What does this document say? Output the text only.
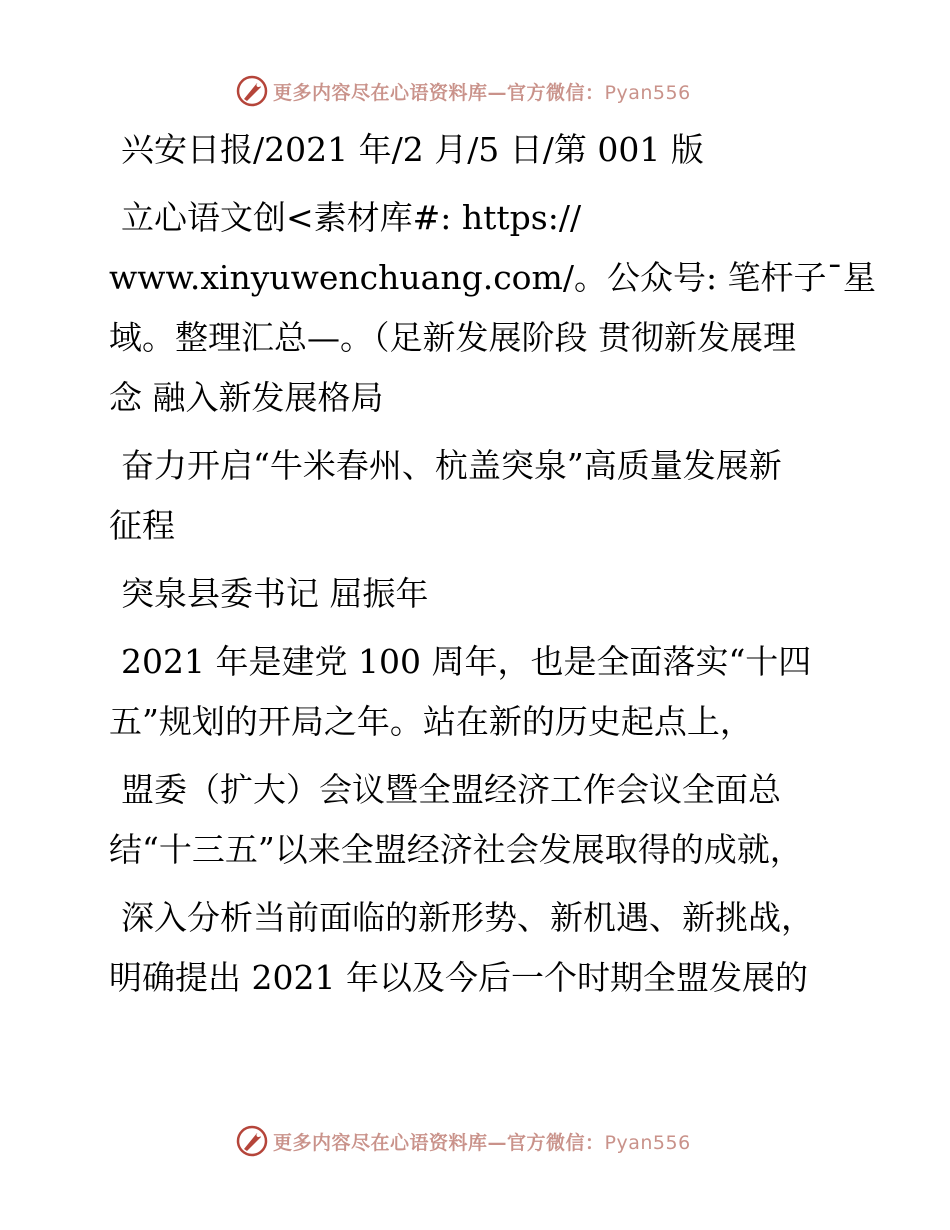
更多内容尽在心语资料库—官方微信：Pyan556

兴安日报/2021 年/2 月/5 日/第 001 版

立心语文创<素材库#: https://
www.xinyuwenchuang.com/。公众号: 笔杆子¯星
域。整理汇总—。（足新发展阶段 贯彻新发展理
念 融入新发展格局

奋力开启“牛米春州、杭盖突泉”高质量发展新
征程

突泉县委书记 屈振年

2021 年是建党 100 周年，也是全面落实“十四
五”规划的开局之年。站在新的历史起点上，

盟委（扩大）会议暨全盟经济工作会议全面总
结“十三五”以来全盟经济社会发展取得的成就，

深入分析当前面临的新形势、新机遇、新挑战，
明确提出 2021 年以及今后一个时期全盟发展的

更多内容尽在心语资料库—官方微信：Pyan556
